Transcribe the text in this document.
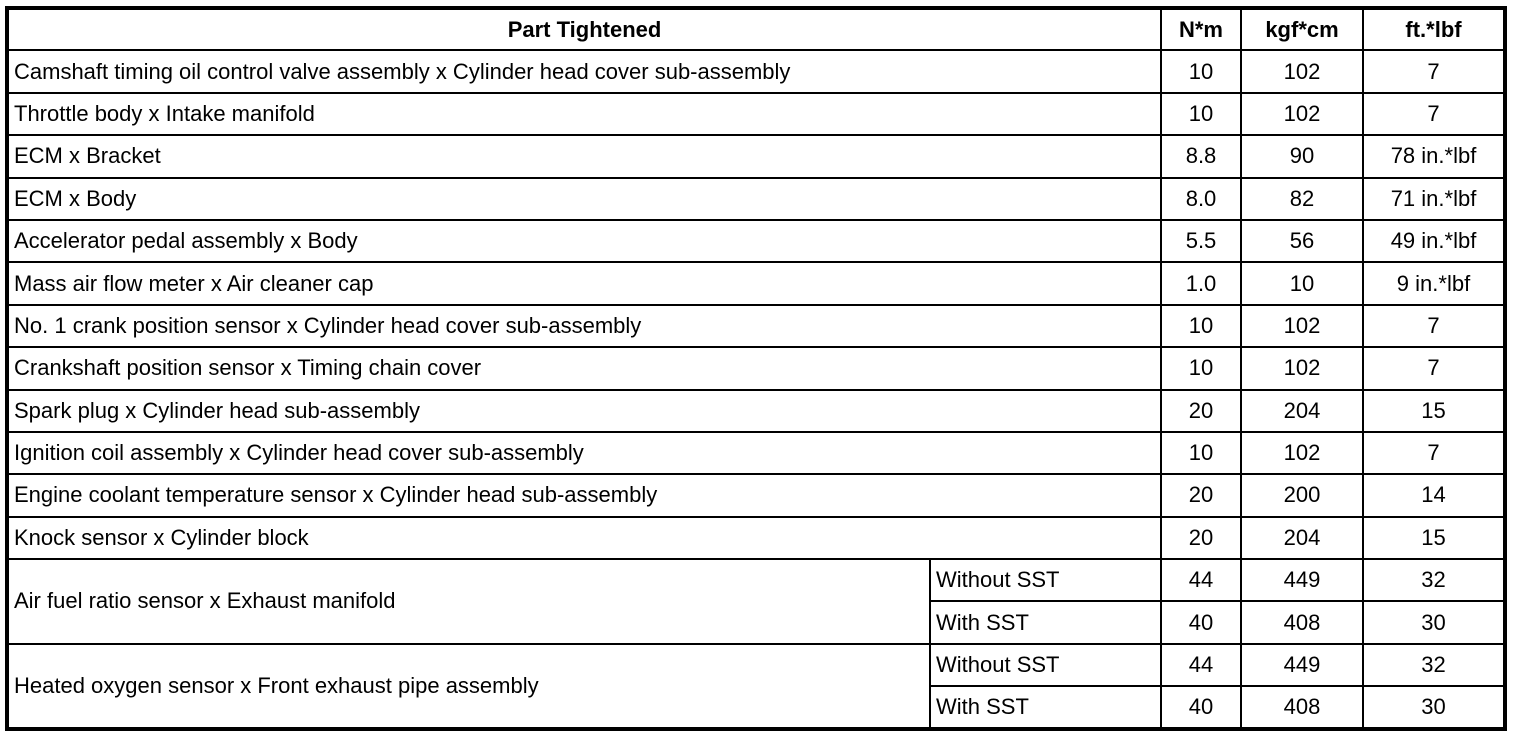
Part Tightened		N*m	kgf*cm	ft.*lbf
Camshaft timing oil control valve assembly x Cylinder head cover sub-assembly		10	102	7
Throttle body x Intake manifold		10	102	7
ECM x Bracket		8.8	90	78 in.*lbf
ECM x Body		8.0	82	71 in.*lbf
Accelerator pedal assembly x Body		5.5	56	49 in.*lbf
Mass air flow meter x Air cleaner cap		1.0	10	9 in.*lbf
No. 1 crank position sensor x Cylinder head cover sub-assembly		10	102	7
Crankshaft position sensor x Timing chain cover		10	102	7
Spark plug x Cylinder head sub-assembly		20	204	15
Ignition coil assembly x Cylinder head cover sub-assembly		10	102	7
Engine coolant temperature sensor x Cylinder head sub-assembly		20	200	14
Knock sensor x Cylinder block		20	204	15
Air fuel ratio sensor x Exhaust manifold	Without SST	44	449	32
	With SST	40	408	30
Heated oxygen sensor x Front exhaust pipe assembly	Without SST	44	449	32
	With SST	40	408	30
